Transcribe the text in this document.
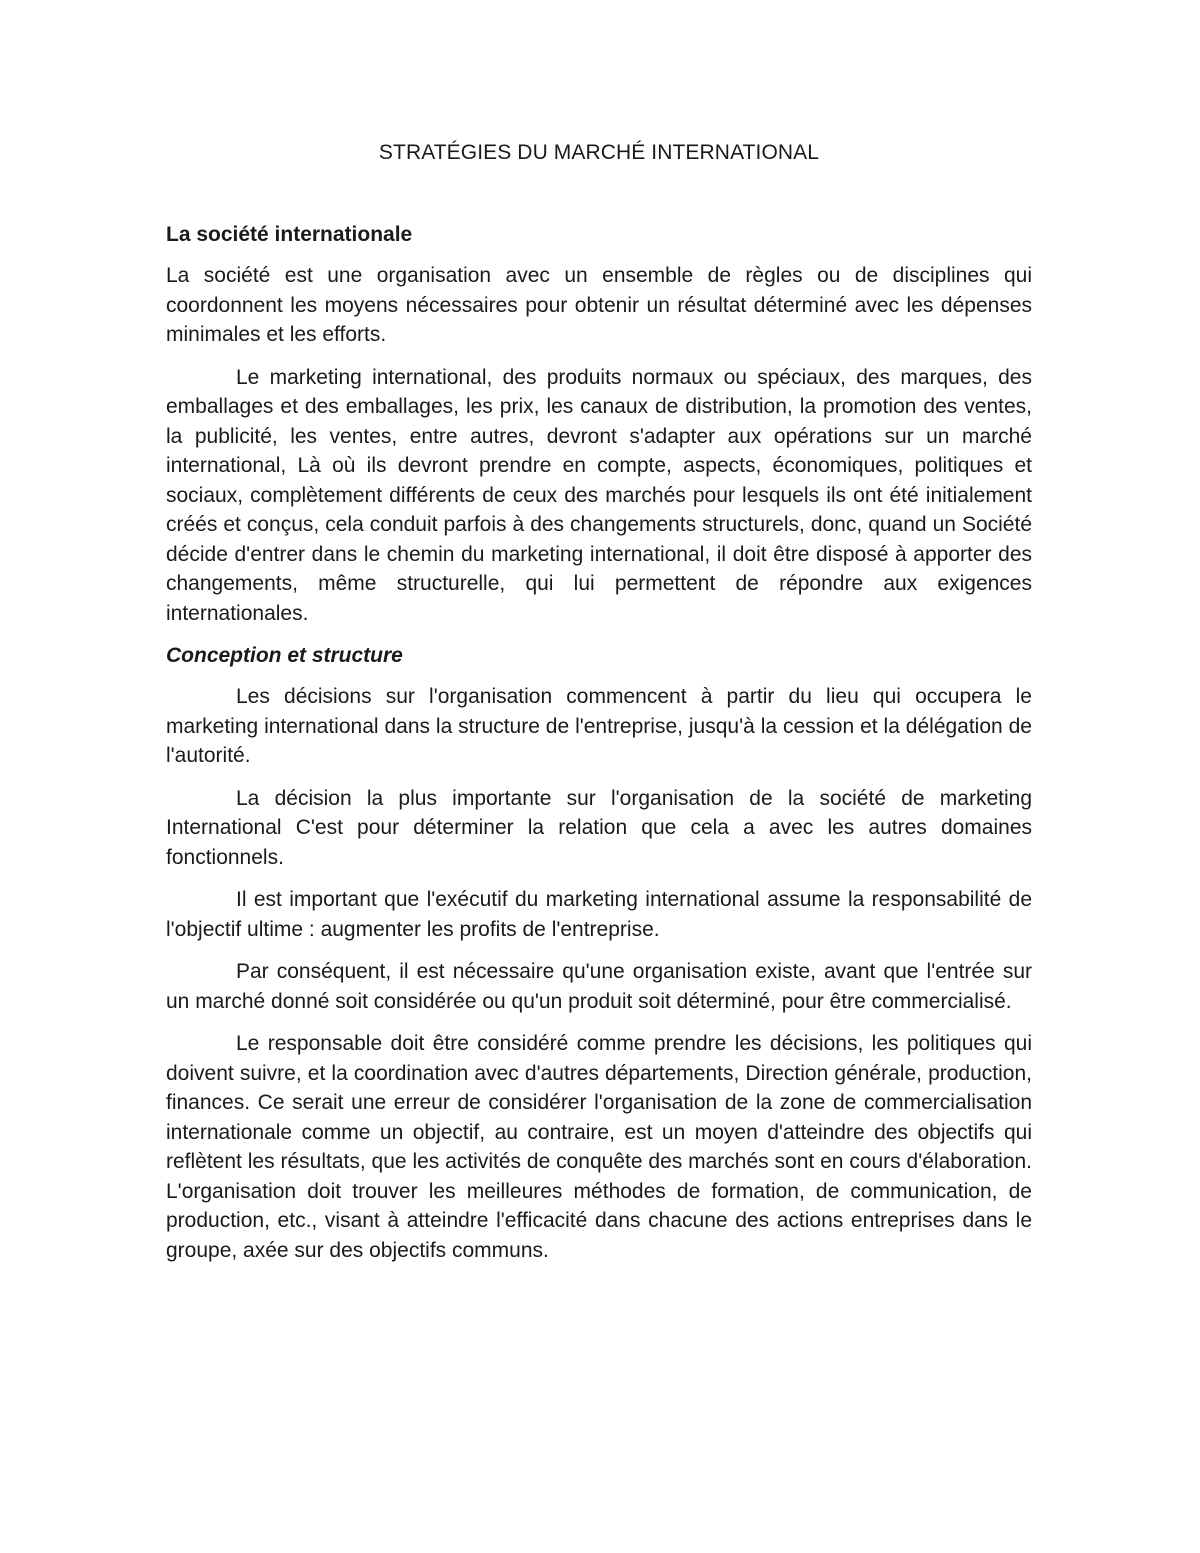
STRATÉGIES DU MARCHÉ INTERNATIONAL
La société internationale

La société est une organisation avec un ensemble de règles ou de disciplines qui coordonnent les moyens nécessaires pour obtenir un résultat déterminé avec les dépenses minimales et les efforts.

Le marketing international, des produits normaux ou spéciaux, des marques, des emballages et des emballages, les prix, les canaux de distribution, la promotion des ventes, la publicité, les ventes, entre autres, devront s'adapter aux opérations sur un marché international, Là où ils devront prendre en compte, aspects, économiques, politiques et sociaux, complètement différents de ceux des marchés pour lesquels ils ont été initialement créés et conçus, cela conduit parfois à des changements structurels, donc, quand un Société décide d'entrer dans le chemin du marketing international, il doit être disposé à apporter des changements, même structurelle, qui lui permettent de répondre aux exigences internationales.

Conception et structure

Les décisions sur l'organisation commencent à partir du lieu qui occupera le marketing international dans la structure de l'entreprise, jusqu'à la cession et la délégation de l'autorité.

La décision la plus importante sur l'organisation de la société de marketing International C'est pour déterminer la relation que cela a avec les autres domaines fonctionnels.

Il est important que l'exécutif du marketing international assume la responsabilité de l'objectif ultime : augmenter les profits de l'entreprise.

Par conséquent, il est nécessaire qu'une organisation existe, avant que l'entrée sur un marché donné soit considérée ou qu'un produit soit déterminé, pour être commercialisé.

Le responsable doit être considéré comme prendre les décisions, les politiques qui doivent suivre, et la coordination avec d'autres départements, Direction générale, production, finances. Ce serait une erreur de considérer l'organisation de la zone de commercialisation internationale comme un objectif, au contraire, est un moyen d'atteindre des objectifs qui reflètent les résultats, que les activités de conquête des marchés sont en cours d'élaboration. L'organisation doit trouver les meilleures méthodes de formation, de communication, de production, etc., visant à atteindre l'efficacité dans chacune des actions entreprises dans le groupe, axée sur des objectifs communs.
